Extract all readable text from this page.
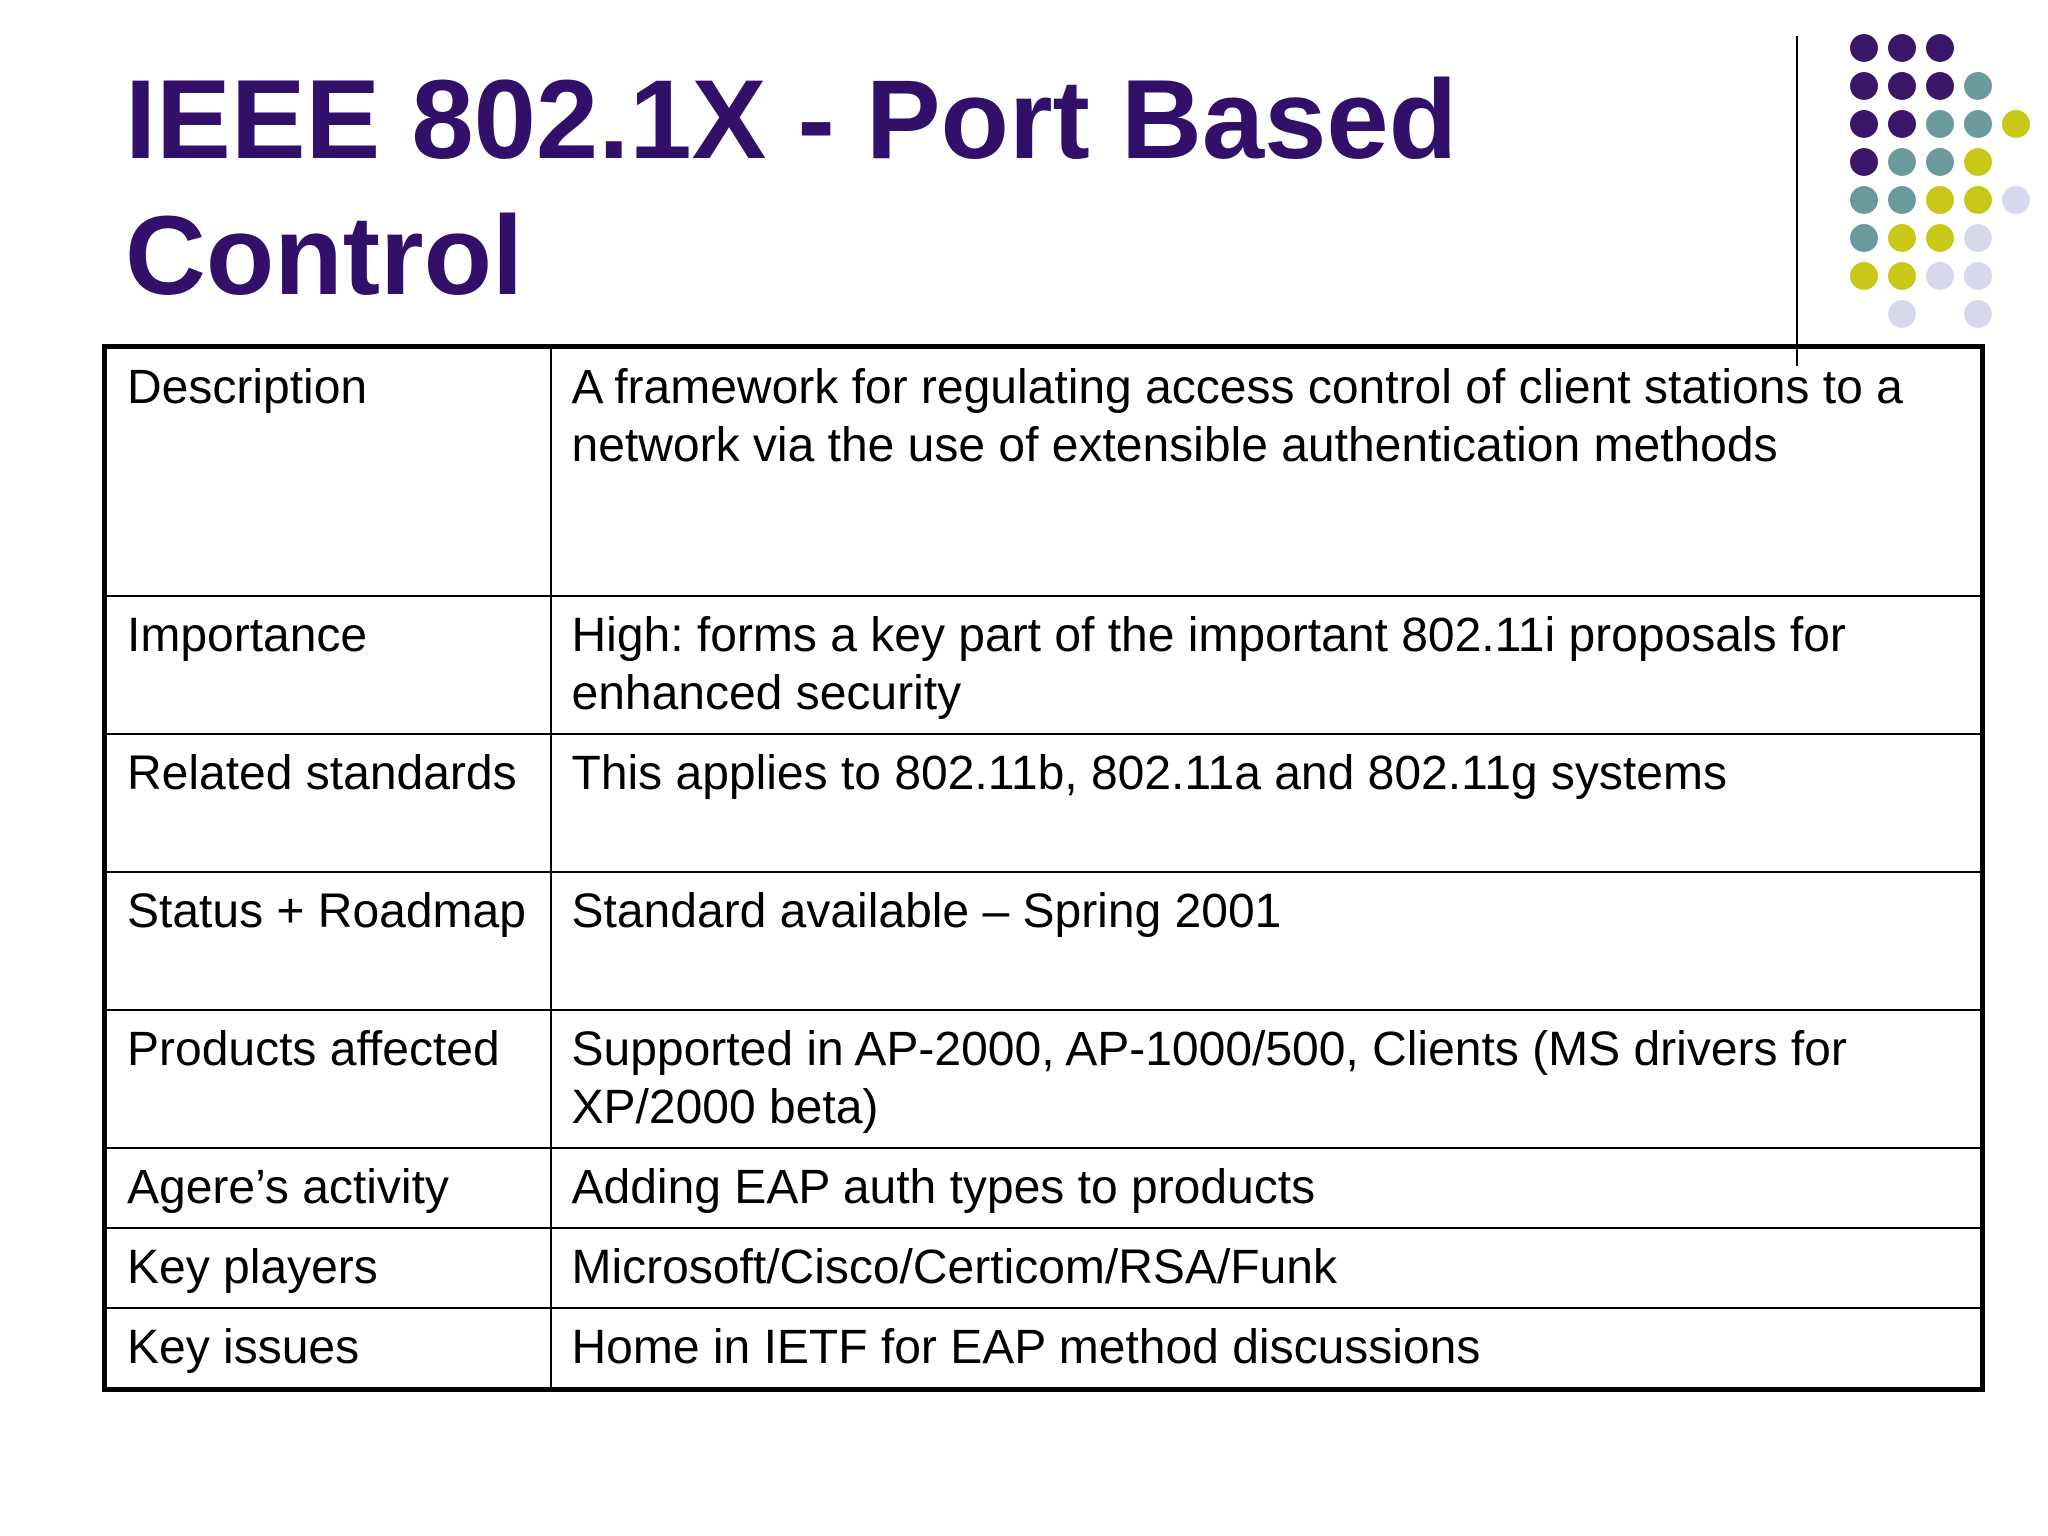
IEEE 802.1X - Port Based Control
Description	A framework for regulating access control of client stations to a network via the use of extensible authentication methods
Importance	High: forms a key part of the important 802.11i proposals for enhanced security
Related standards	This applies to 802.11b, 802.11a and 802.11g systems
Status + Roadmap	Standard available – Spring 2001
Products affected	Supported in AP-2000, AP-1000/500, Clients (MS drivers for XP/2000 beta)
Agere’s activity	Adding EAP auth types to products
Key players	Microsoft/Cisco/Certicom/RSA/Funk
Key issues	Home in IETF for EAP method discussions
